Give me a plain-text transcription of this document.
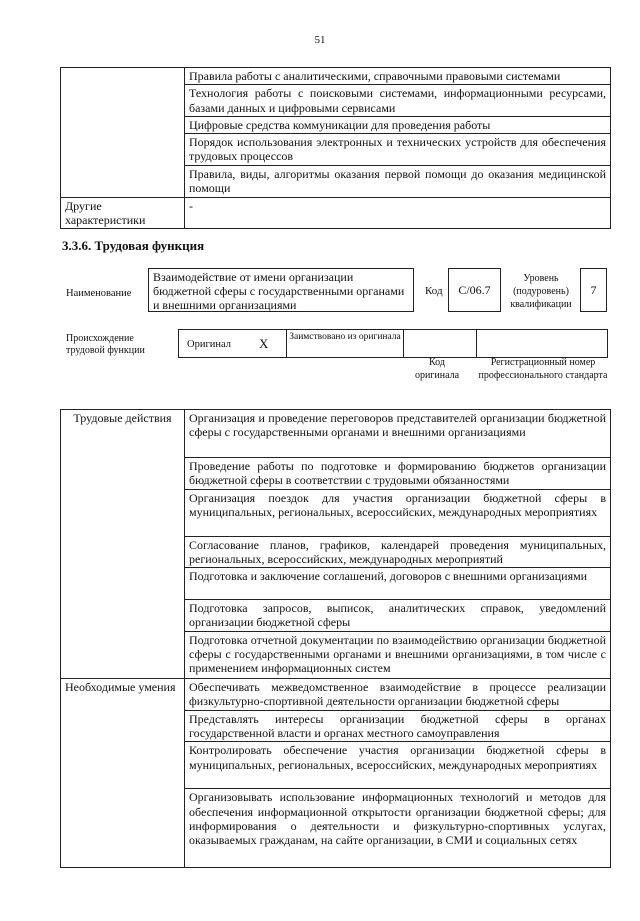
51
	Правила работы с аналитическими, справочными правовыми системами
	Технология работы с поисковыми системами, информационными ресурсами, базами данных и цифровыми сервисами
	Цифровые средства коммуникации для проведения работы
	Порядок использования электронных и технических устройств для обеспечения трудовых процессов
	Правила, виды, алгоритмы оказания первой помощи до оказания медицинской помощи
Другие характеристики	-
3.3.6. Трудовая функция
Наименование
Взаимодействие от имени организации бюджетной сферы с государственными органами и внешними организациями
Код	C/06.7
Уровень (подуровень) квалификации
7
Происхождение трудовой функции
Оригинал X Заимствовано из оригинала
Код оригинала
Регистрационный номер профессионального стандарта
Трудовые действия	Организация и проведение переговоров представителей организации бюджетной сферы с государственными органами и внешними организациями
	Проведение работы по подготовке и формированию бюджетов организации бюджетной сферы в соответствии с трудовыми обязанностями
	Организация поездок для участия организации бюджетной сферы в муниципальных, региональных, всероссийских, международных мероприятиях
	Согласование планов, графиков, календарей проведения муниципальных, региональных, всероссийских, международных мероприятий
	Подготовка и заключение соглашений, договоров с внешними организациями
	Подготовка запросов, выписок, аналитических справок, уведомлений организации бюджетной сферы
	Подготовка отчетной документации по взаимодействию организации бюджетной сферы с государственными органами и внешними организациями, в том числе с применением информационных систем
Необходимые умения	Обеспечивать межведомственное взаимодействие в процессе реализации физкультурно-спортивной деятельности организации бюджетной сферы
	Представлять интересы организации бюджетной сферы в органах государственной власти и органах местного самоуправления
	Контролировать обеспечение участия организации бюджетной сферы в муниципальных, региональных, всероссийских, международных мероприятиях
	Организовывать использование информационных технологий и методов для обеспечения информационной открытости организации бюджетной сферы; для информирования о деятельности и физкультурно-спортивных услугах, оказываемых гражданам, на сайте организации, в СМИ и социальных сетях
